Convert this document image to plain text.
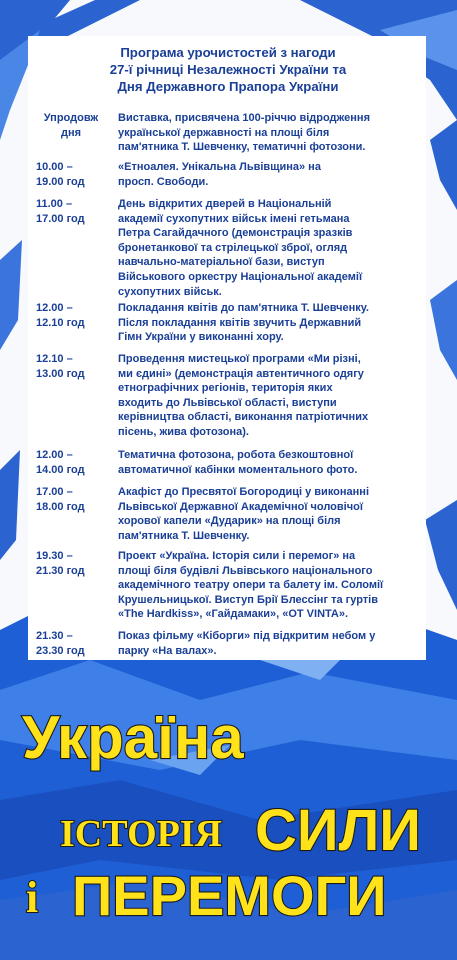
Програма урочистостей з нагоди
27-ї річниці Незалежності України та
Дня Державного Прапора України
Упродовж
дня
Виставка, присвячена 100-річчю відродження
української державності на площі біля
пам'ятника Т. Шевченку, тематичні фотозони.
10.00 –
19.00 год
«Етноалея. Унікальна Львівщина» на
просп. Свободи.
11.00 –
17.00 год
День відкритих дверей в Національній
академії сухопутних військ імені гетьмана
Петра Сагайдачного (демонстрація зразків
бронетанкової та стрілецької зброї, огляд
навчально-матеріальної бази, виступ
Військового оркестру Національної академії
сухопутних військ.
12.00 –
12.10 год
Покладання квітів до пам'ятника Т. Шевченку.
Після покладання квітів звучить Державний
Гімн України у виконанні хору.
12.10 –
13.00 год
Проведення мистецької програми «Ми різні,
ми єдині» (демонстрація автентичного одягу
етнографічних регіонів, територія яких
входить до Львівської області, виступи
керівництва області, виконання патріотичних
пісень, жива фотозона).
12.00 –
14.00 год
Тематична фотозона, робота безкоштовної
автоматичної кабінки моментального фото.
17.00 –
18.00 год
Акафіст до Пресвятої Богородиці у виконанні
Львівської Державної Академічної чоловічої
хорової капели «Дударик» на площі біля
пам'ятника Т. Шевченку.
19.30 –
21.30 год
Проект «Україна. Історія сили і перемог» на
площі біля будівлі Львівського національного
академічного театру опери та балету ім. Соломії
Крушельницької. Виступ Брії Блессінг та гуртів
«The Hardkiss», «Гайдамаки», «ОТ VINTA».
21.30 –
23.30 год
Показ фільму «Кіборги» під відкритим небом у
парку «На валах».
Україна
ІСТОРІЯ СИЛИ
і ПЕРЕМОГИ
